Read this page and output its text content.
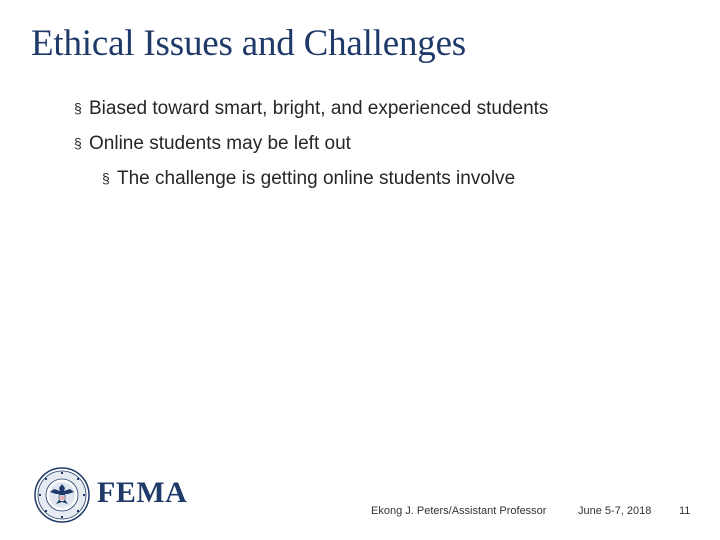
Ethical Issues and Challenges
§ Biased toward smart, bright, and experienced students
§ Online students may be left out
§ The challenge is getting online students involve
FEMA
Ekong J. Peters/Assistant Professor	June 5-7, 2018	11
